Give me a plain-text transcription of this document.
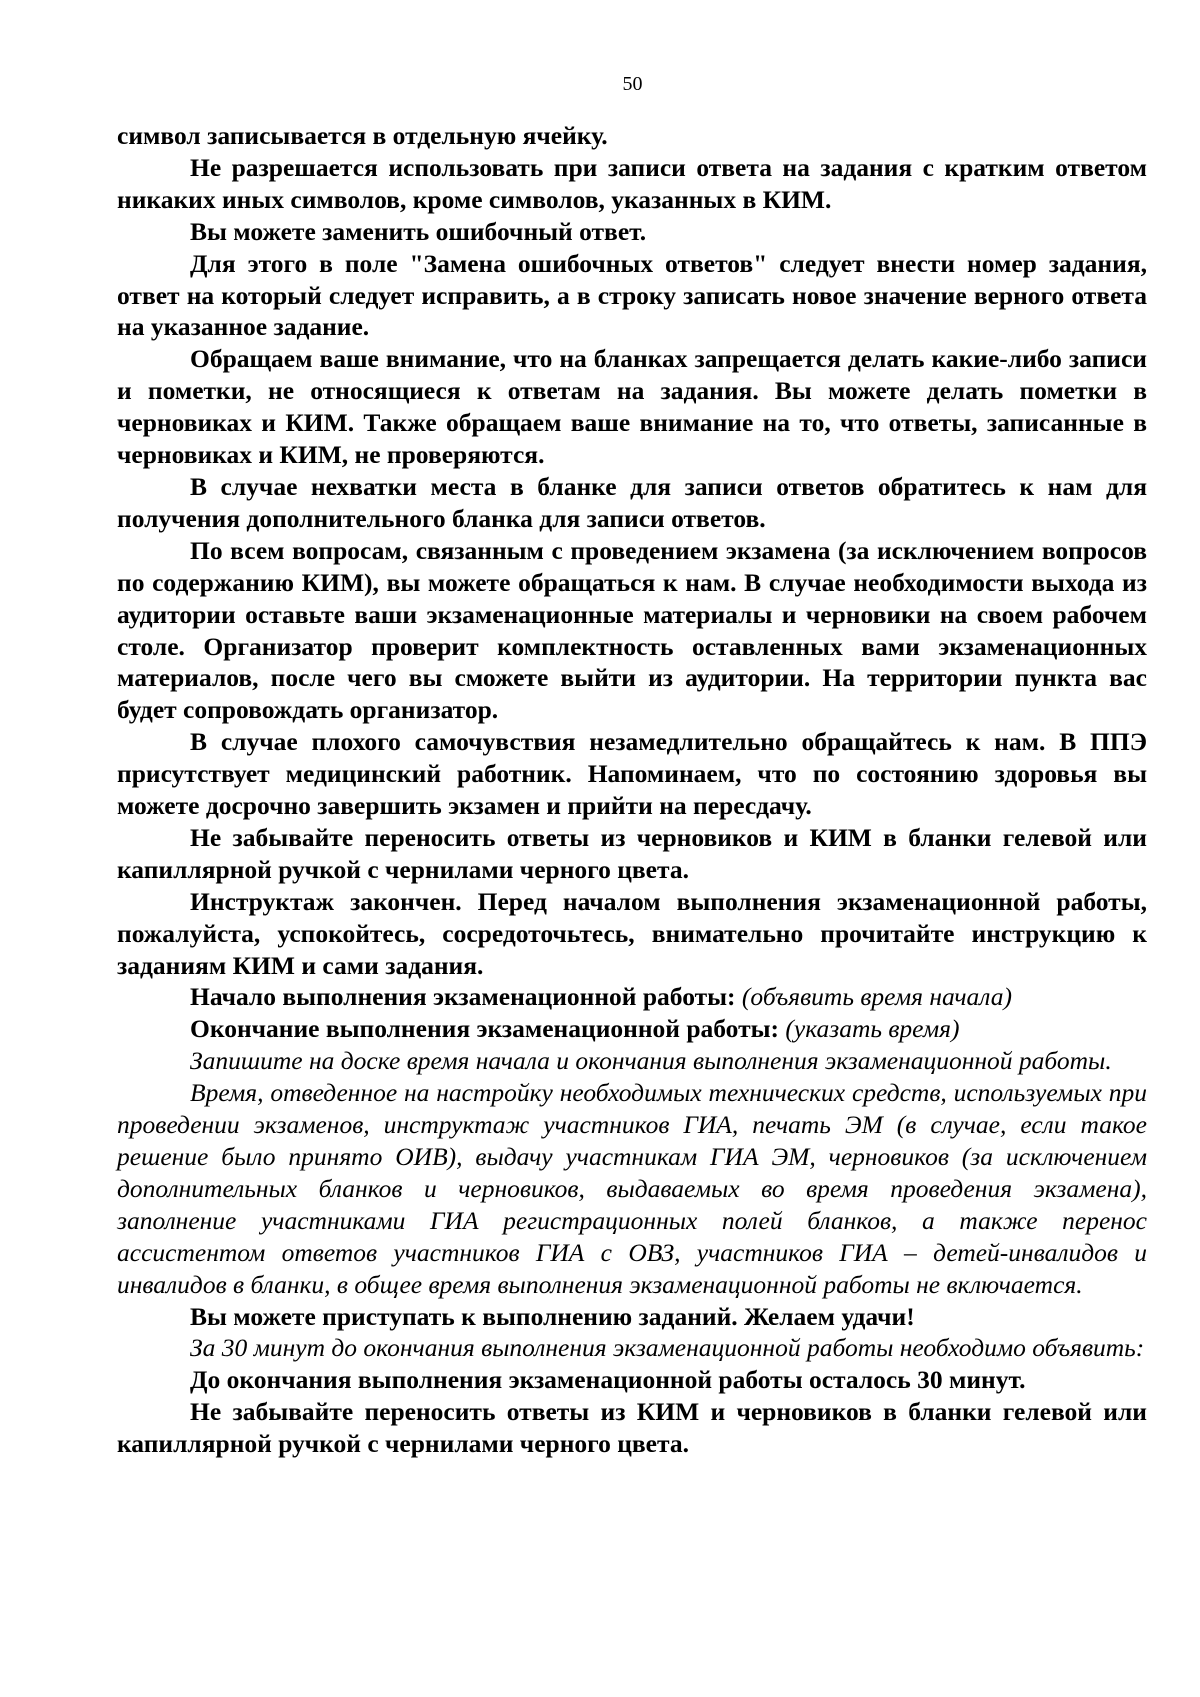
50

символ записывается в отдельную ячейку.

Не разрешается использовать при записи ответа на задания с кратким ответом никаких иных символов, кроме символов, указанных в КИМ.

Вы можете заменить ошибочный ответ.

Для этого в поле "Замена ошибочных ответов" следует внести номер задания, ответ на который следует исправить, а в строку записать новое значение верного ответа на указанное задание.

Обращаем ваше внимание, что на бланках запрещается делать какие-либо записи и пометки, не относящиеся к ответам на задания. Вы можете делать пометки в черновиках и КИМ. Также обращаем ваше внимание на то, что ответы, записанные в черновиках и КИМ, не проверяются.

В случае нехватки места в бланке для записи ответов обратитесь к нам для получения дополнительного бланка для записи ответов.

По всем вопросам, связанным с проведением экзамена (за исключением вопросов по содержанию КИМ), вы можете обращаться к нам. В случае необходимости выхода из аудитории оставьте ваши экзаменационные материалы и черновики на своем рабочем столе. Организатор проверит комплектность оставленных вами экзаменационных материалов, после чего вы сможете выйти из аудитории. На территории пункта вас будет сопровождать организатор.

В случае плохого самочувствия незамедлительно обращайтесь к нам. В ППЭ присутствует медицинский работник. Напоминаем, что по состоянию здоровья вы можете досрочно завершить экзамен и прийти на пересдачу.

Не забывайте переносить ответы из черновиков и КИМ в бланки гелевой или капиллярной ручкой с чернилами черного цвета.

Инструктаж закончен. Перед началом выполнения экзаменационной работы, пожалуйста, успокойтесь, сосредоточьтесь, внимательно прочитайте инструкцию к заданиям КИМ и сами задания.

Начало выполнения экзаменационной работы: (объявить время начала)

Окончание выполнения экзаменационной работы: (указать время)

Запишите на доске время начала и окончания выполнения экзаменационной работы.

Время, отведенное на настройку необходимых технических средств, используемых при проведении экзаменов, инструктаж участников ГИА, печать ЭМ (в случае, если такое решение было принято ОИВ), выдачу участникам ГИА ЭМ, черновиков (за исключением дополнительных бланков и черновиков, выдаваемых во время проведения экзамена), заполнение участниками ГИА регистрационных полей бланков, а также перенос ассистентом ответов участников ГИА с ОВЗ, участников ГИА – детей-инвалидов и инвалидов в бланки, в общее время выполнения экзаменационной работы не включается.

Вы можете приступать к выполнению заданий. Желаем удачи!

За 30 минут до окончания выполнения экзаменационной работы необходимо объявить:

До окончания выполнения экзаменационной работы осталось 30 минут.

Не забывайте переносить ответы из КИМ и черновиков в бланки гелевой или капиллярной ручкой с чернилами черного цвета.
